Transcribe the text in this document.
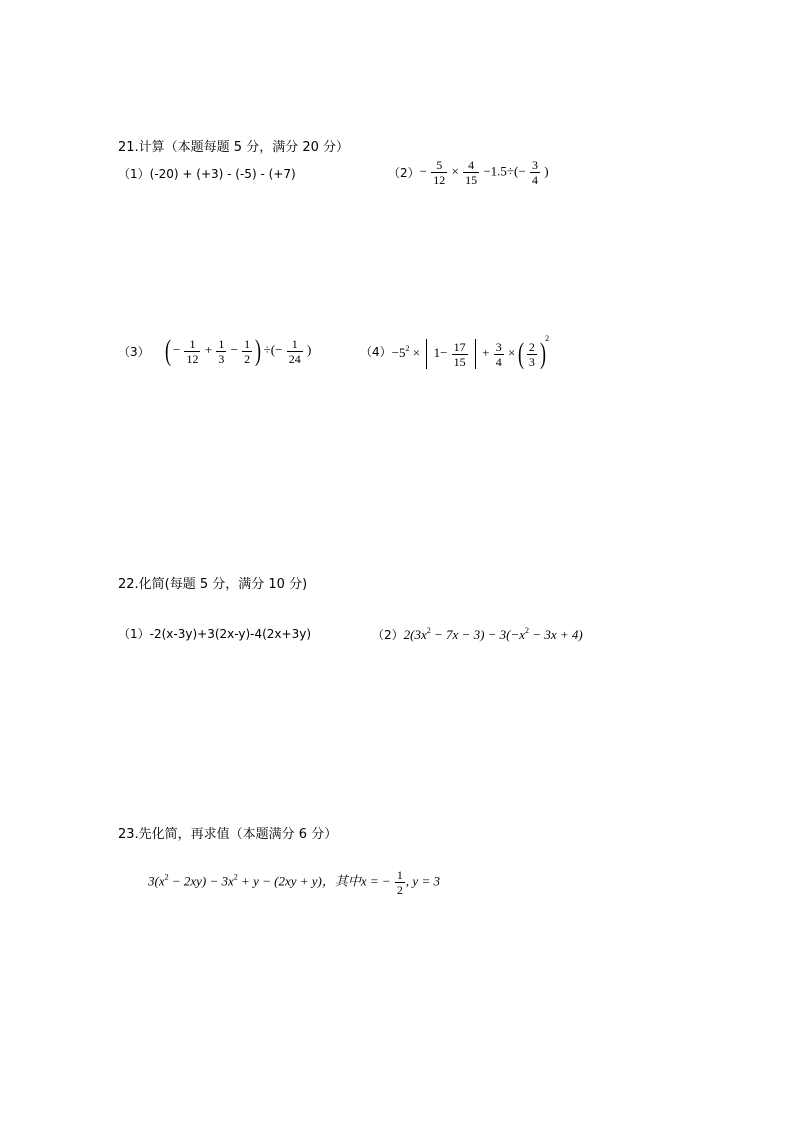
21.计算（本题每题 5 分，满分 20 分）
（1）(-20) + (+3) - (-5) - (+7)	$(2) - \frac{5}{12} \times \frac{4}{15} -1.5\div(- \frac{3}{4}$ )
（3） ( − $\frac{1}{12} + \frac{1}{3} - \frac{1}{2}$ ) ÷(− $\frac{1}{24}$ )	$(4) -5^2 \times 1- \frac{17}{15} + \frac{3}{4}$ × ( $\frac{2}{3} )^2$
22.化简(每题 5 分，满分 10 分)
（1）-2(x-3y)+3(2x-y)-4(2x+3y)	$(2)2(3x^2 - 7x - 3) - 3(-x^2 - 3x + 4)$
23.先化简，再求值（本题满分 6 分）
$3(x^2 - 2xy) - 3x^2 + y - (2xy + y)$，其中x = − $\frac{1}{2}$ , y = 3
